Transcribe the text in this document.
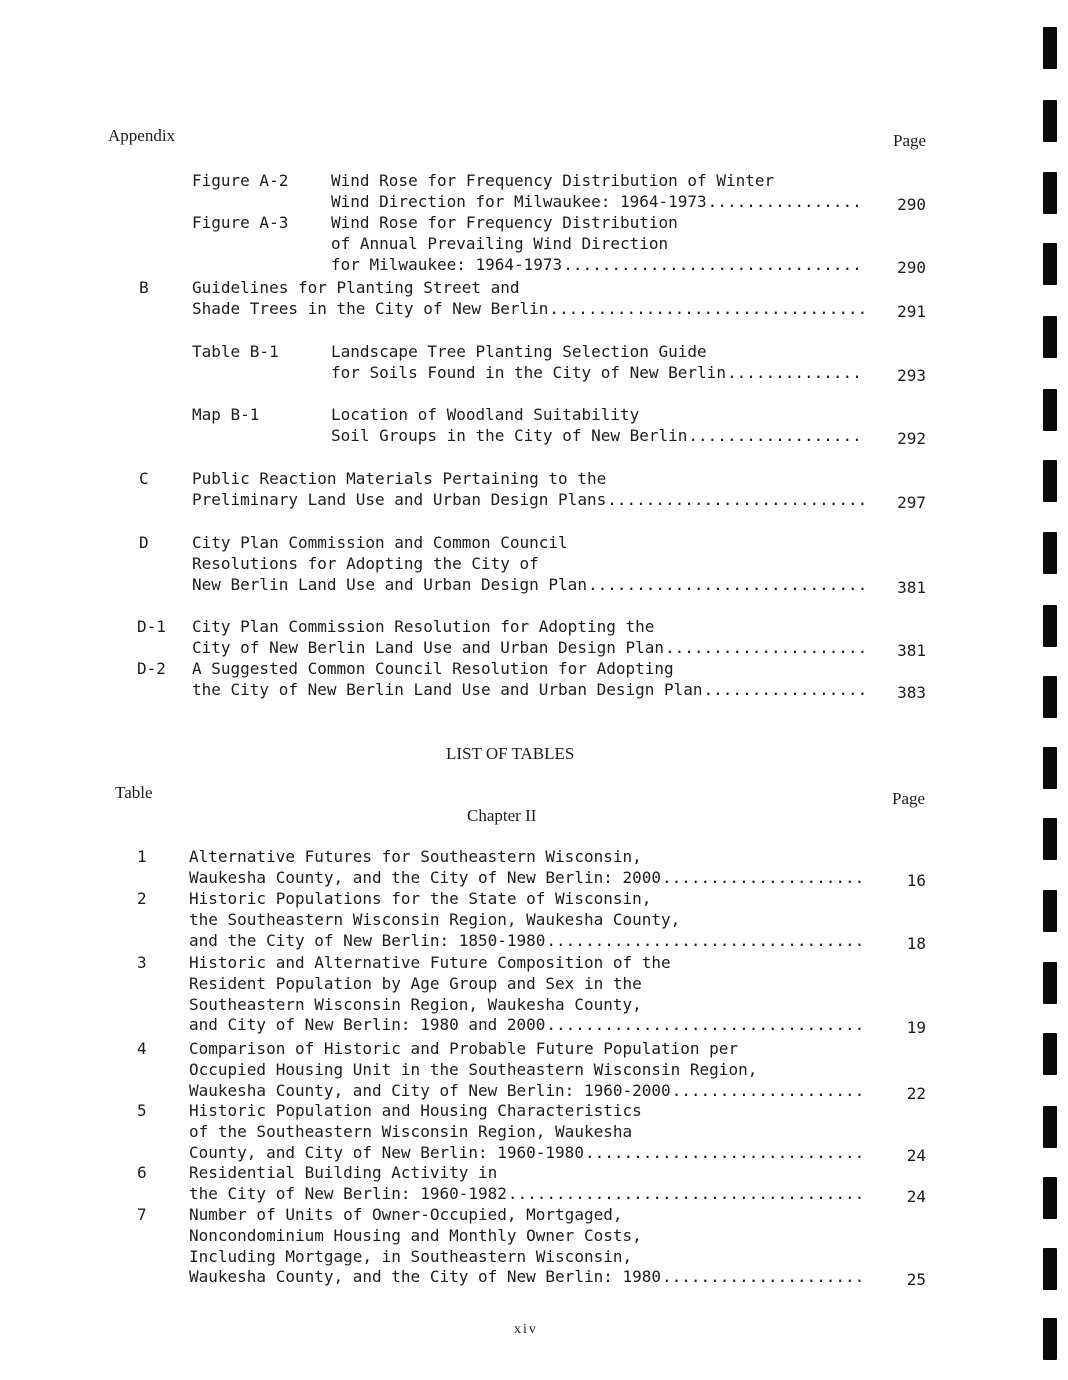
Appendix	Page
LIST OF TABLES
Table	Page
Chapter II
xiv
Figure A-2	Wind Rose for Frequency Distribution of Winter
Wind Direction for Milwaukee: 1964-1973 ................ 290
Figure A-3	Wind Rose for Frequency Distribution
of Annual Prevailing Wind Direction
for Milwaukee: 1964-1973 ............................... 290
B	Guidelines for Planting Street and
Shade Trees in the City of New Berlin ................................. 291
Table B-1	Landscape Tree Planting Selection Guide
for Soils Found in the City of New Berlin .............. 293
Map B-1	Location of Woodland Suitability
Soil Groups in the City of New Berlin .................. 292
C	Public Reaction Materials Pertaining to the
Preliminary Land Use and Urban Design Plans ........................... 297
D	City Plan Commission and Common Council
Resolutions for Adopting the City of
New Berlin Land Use and Urban Design Plan ............................. 381
D-1 City Plan Commission Resolution for Adopting the
City of New Berlin Land Use and Urban Design Plan ..................... 381
D-2 A Suggested Common Council Resolution for Adopting
the City of New Berlin Land Use and Urban Design Plan ................. 383
1	Alternative Futures for Southeastern Wisconsin,
Waukesha County, and the City of New Berlin: 2000 .....................	16
2	Historic Populations for the State of Wisconsin,
the Southeastern Wisconsin Region, Waukesha County,
and the City of New Berlin: 1850-1980 .................................	18
3	Historic and Alternative Future Composition of the
Resident Population by Age Group and Sex in the
Southeastern Wisconsin Region, Waukesha County,
and City of New Berlin: 1980 and 2000 .................................	19
4	Comparison of Historic and Probable Future Population per
Occupied Housing Unit in the Southeastern Wisconsin Region,
Waukesha County, and City of New Berlin: 1960-2000 ....................	22
5	Historic Population and Housing Characteristics
of the Southeastern Wisconsin Region, Waukesha
County, and City of New Berlin: 1960-1980 .............................	24
6	Residential Building Activity in
the City of New Berlin: 1960-1982 .....................................	24
7	Number of Units of Owner-Occupied, Mortgaged,
Noncondominium Housing and Monthly Owner Costs,
Including Mortgage, in Southeastern Wisconsin,
Waukesha County, and the City of New Berlin: 1980 .....................	25
